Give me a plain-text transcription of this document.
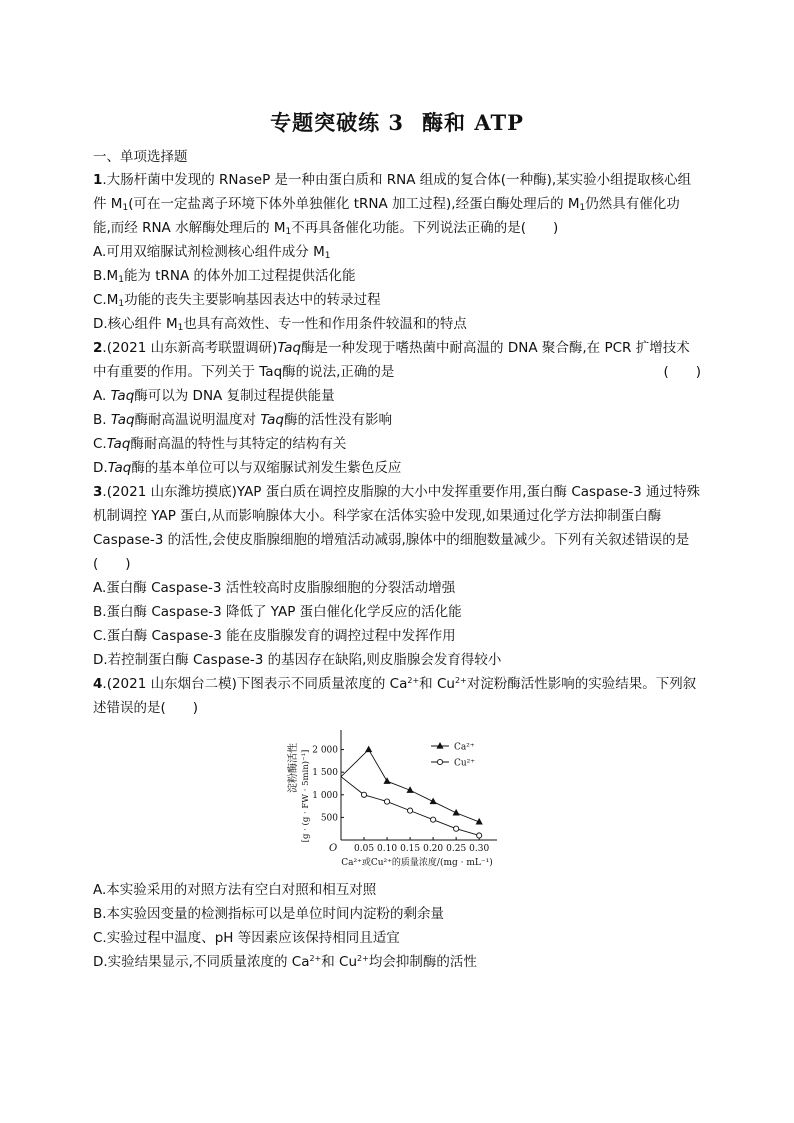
专题突破练 3 酶和 ATP

一、单项选择题

1.大肠杆菌中发现的 RNaseP 是一种由蛋白质和 RNA 组成的复合体(一种酶),某实验小组提取核心组

件 $M_1$(可在一定盐离子环境下体外单独催化 tRNA 加工过程),经蛋白酶处理后的 $M_1$仍然具有催化功

能,而经 RNA 水解酶处理后的 $M_1$不再具备催化功能。下列说法正确的是(　　)

A.可用双缩脲试剂检测核心组件成分 $M_1$

$B.M_1$能为 tRNA 的体外加工过程提供活化能

$C.M_1$功能的丧失主要影响基因表达中的转录过程

D.核心组件 $M_1$也具有高效性、专一性和作用条件较温和的特点

2.(2021 山东新高考联盟调研)Taq酶是一种发现于嗜热菌中耐高温的 DNA 聚合酶,在 PCR 扩增技术

中有重要的作用。下列关于 Taq酶的说法,正确的是	(　　)

A. Taq酶可以为 DNA 复制过程提供能量

B. Taq酶耐高温说明温度对 Taq酶的活性没有影响

C.Taq酶耐高温的特性与其特定的结构有关

D.Taq酶的基本单位可以与双缩脲试剂发生紫色反应

3.(2021 山东潍坊摸底)YAP 蛋白质在调控皮脂腺的大小中发挥重要作用,蛋白酶 Caspase-3 通过特殊

机制调控 YAP 蛋白,从而影响腺体大小。科学家在活体实验中发现,如果通过化学方法抑制蛋白酶

Caspase-3 的活性,会使皮脂腺细胞的增殖活动减弱,腺体中的细胞数量减少。下列有关叙述错误的是

(　　)

A.蛋白酶 Caspase-3 活性较高时皮脂腺细胞的分裂活动增强

B.蛋白酶 Caspase-3 降低了 YAP 蛋白催化化学反应的活化能

C.蛋白酶 Caspase-3 能在皮脂腺发育的调控过程中发挥作用

D.若控制蛋白酶 Caspase-3 的基因存在缺陷,则皮脂腺会发育得较小

4.(2021 山东烟台二模)下图表示不同质量浓度的 $Ca^{2+}$和 $Cu^{2+}$对淀粉酶活性影响的实验结果。下列叙

述错误的是(　　)

O
500
1 000
1 500
2 000
0.05 0.10 0.15 0.20 0.25 0.30
Ca²⁺或Cu²⁺的质量浓度/(mg · mL⁻¹)
淀粉酶活性 [g · (g · FW · 5min)⁻¹]
Ca²⁺
Cu²⁺

A.本实验采用的对照方法有空白对照和相互对照

B.本实验因变量的检测指标可以是单位时间内淀粉的剩余量

C.实验过程中温度、pH 等因素应该保持相同且适宜

D.实验结果显示,不同质量浓度的 $Ca^{2+}$和 $Cu^{2+}$均会抑制酶的活性
